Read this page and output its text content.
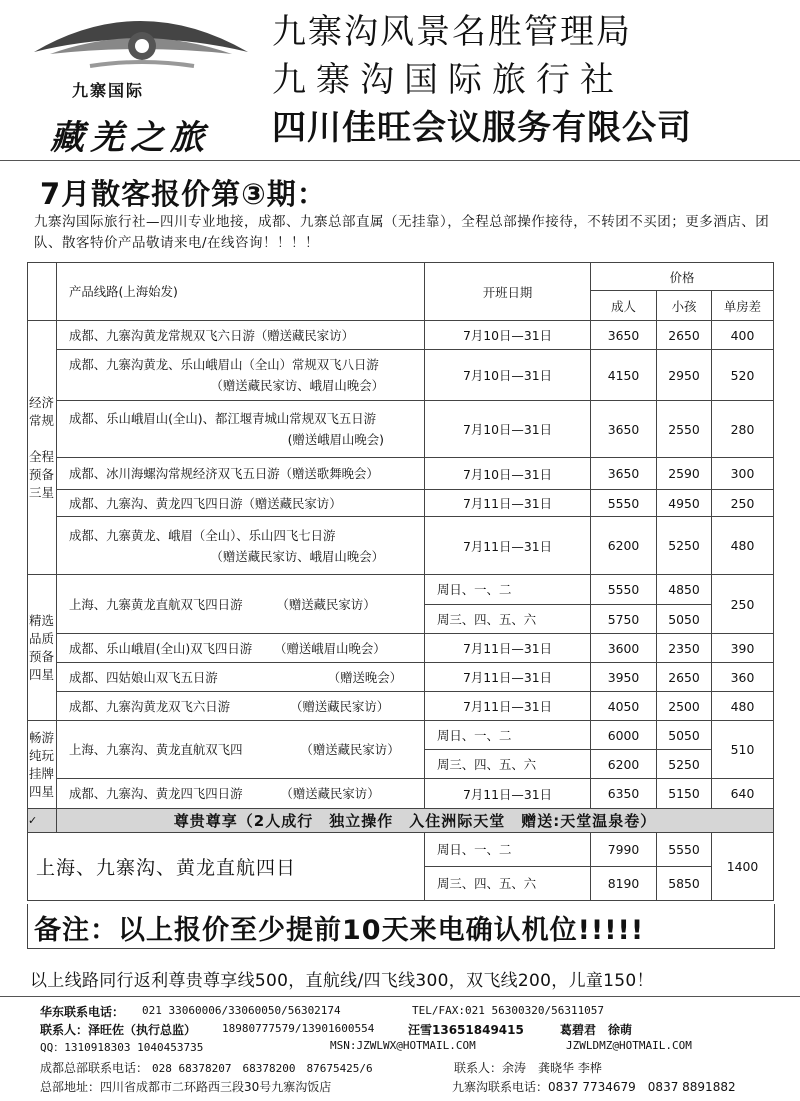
九寨国际
藏羌之旅
九寨沟风景名胜管理局
九寨沟国际旅行社
四川佳旺会议服务有限公司
7月散客报价第③期：
九寨沟国际旅行社—四川专业地接，成都、九寨总部直属（无挂靠），全程总部操作接待，不转团不买团；更多酒店、团队、散客特价产品敬请来电/在线咨询！！！！
	产品线路(上海始发)	开班日期	价格		
			成人	小孩	单房差
经济
常规

全程
预备
三星	成都、九寨沟黄龙常规双飞六日游（赠送藏民家访）	7月10日—31日	3650	2650	400
	成都、九寨沟黄龙、乐山峨眉山（全山）常规双飞八日游
（赠送藏民家访、峨眉山晚会）	7月10日—31日	4150	2950	520
	成都、乐山峨眉山(全山)、都江堰青城山常规双飞五日游
(赠送峨眉山晚会)	7月10日—31日	3650	2550	280
	成都、冰川海螺沟常规经济双飞五日游（赠送歌舞晚会）	7月10日—31日	3650	2590	300
	成都、九寨沟、黄龙四飞四日游（赠送藏民家访）	7月11日—31日	5550	4950	250
	成都、九寨黄龙、峨眉（全山）、乐山四飞七日游
（赠送藏民家访、峨眉山晚会）	7月11日—31日	6200	5250	480
精选
品质
预备
四星	上海、九寨黄龙直航双飞四日游 （赠送藏民家访）	周日、一、二	5550	4850	250
		周三、四、五、六	5750	5050	
	成都、乐山峨眉(全山)双飞四日游 （赠送峨眉山晚会）	7月11日—31日	3600	2350	390
	成都、四姑娘山双飞五日游 （赠送晚会）	7月11日—31日	3950	2650	360
	成都、九寨沟黄龙双飞六日游 （赠送藏民家访）	7月11日—31日	4050	2500	480
畅游
纯玩
挂牌
四星	上海、九寨沟、黄龙直航双飞四 （赠送藏民家访）	周日、一、二	6000	5050	510
		周三、四、五、六	6200	5250	
	成都、九寨沟、黄龙四飞四日游 （赠送藏民家访）	7月11日—31日	6350	5150	640
✓	尊贵尊享（2人成行　独立操作　入住洲际天堂　赠送:天堂温泉卷）				
上海、九寨沟、黄龙直航四日		周日、一、二	7990	5550	1400
		周三、四、五、六	8190	5850	
备注：以上报价至少提前10天来电确认机位!!!!!
以上线路同行返利尊贵尊享线500，直航线/四飞线300，双飞线200，儿童150！
华东联系电话： 021 33060006/33060050/56302174	TEL/FAX:021 56300320/56311057
联系人：泽旺佐（执行总监） 18980777579/13901600554	汪雪13651849415	葛碧君　徐萌
QQ：1310918303 1040453735	MSN:JZWLWX@HOTMAIL.COM	JZWLDMZ@HOTMAIL.COM
成都总部联系电话： 028 68378207　68378200　87675425/6	联系人：余涛　龚晓华 李桦
总部地址：四川省成都市二环路西三段30号九寨沟饭店	九寨沟联系电话：0837 7734679　0837 8891882
